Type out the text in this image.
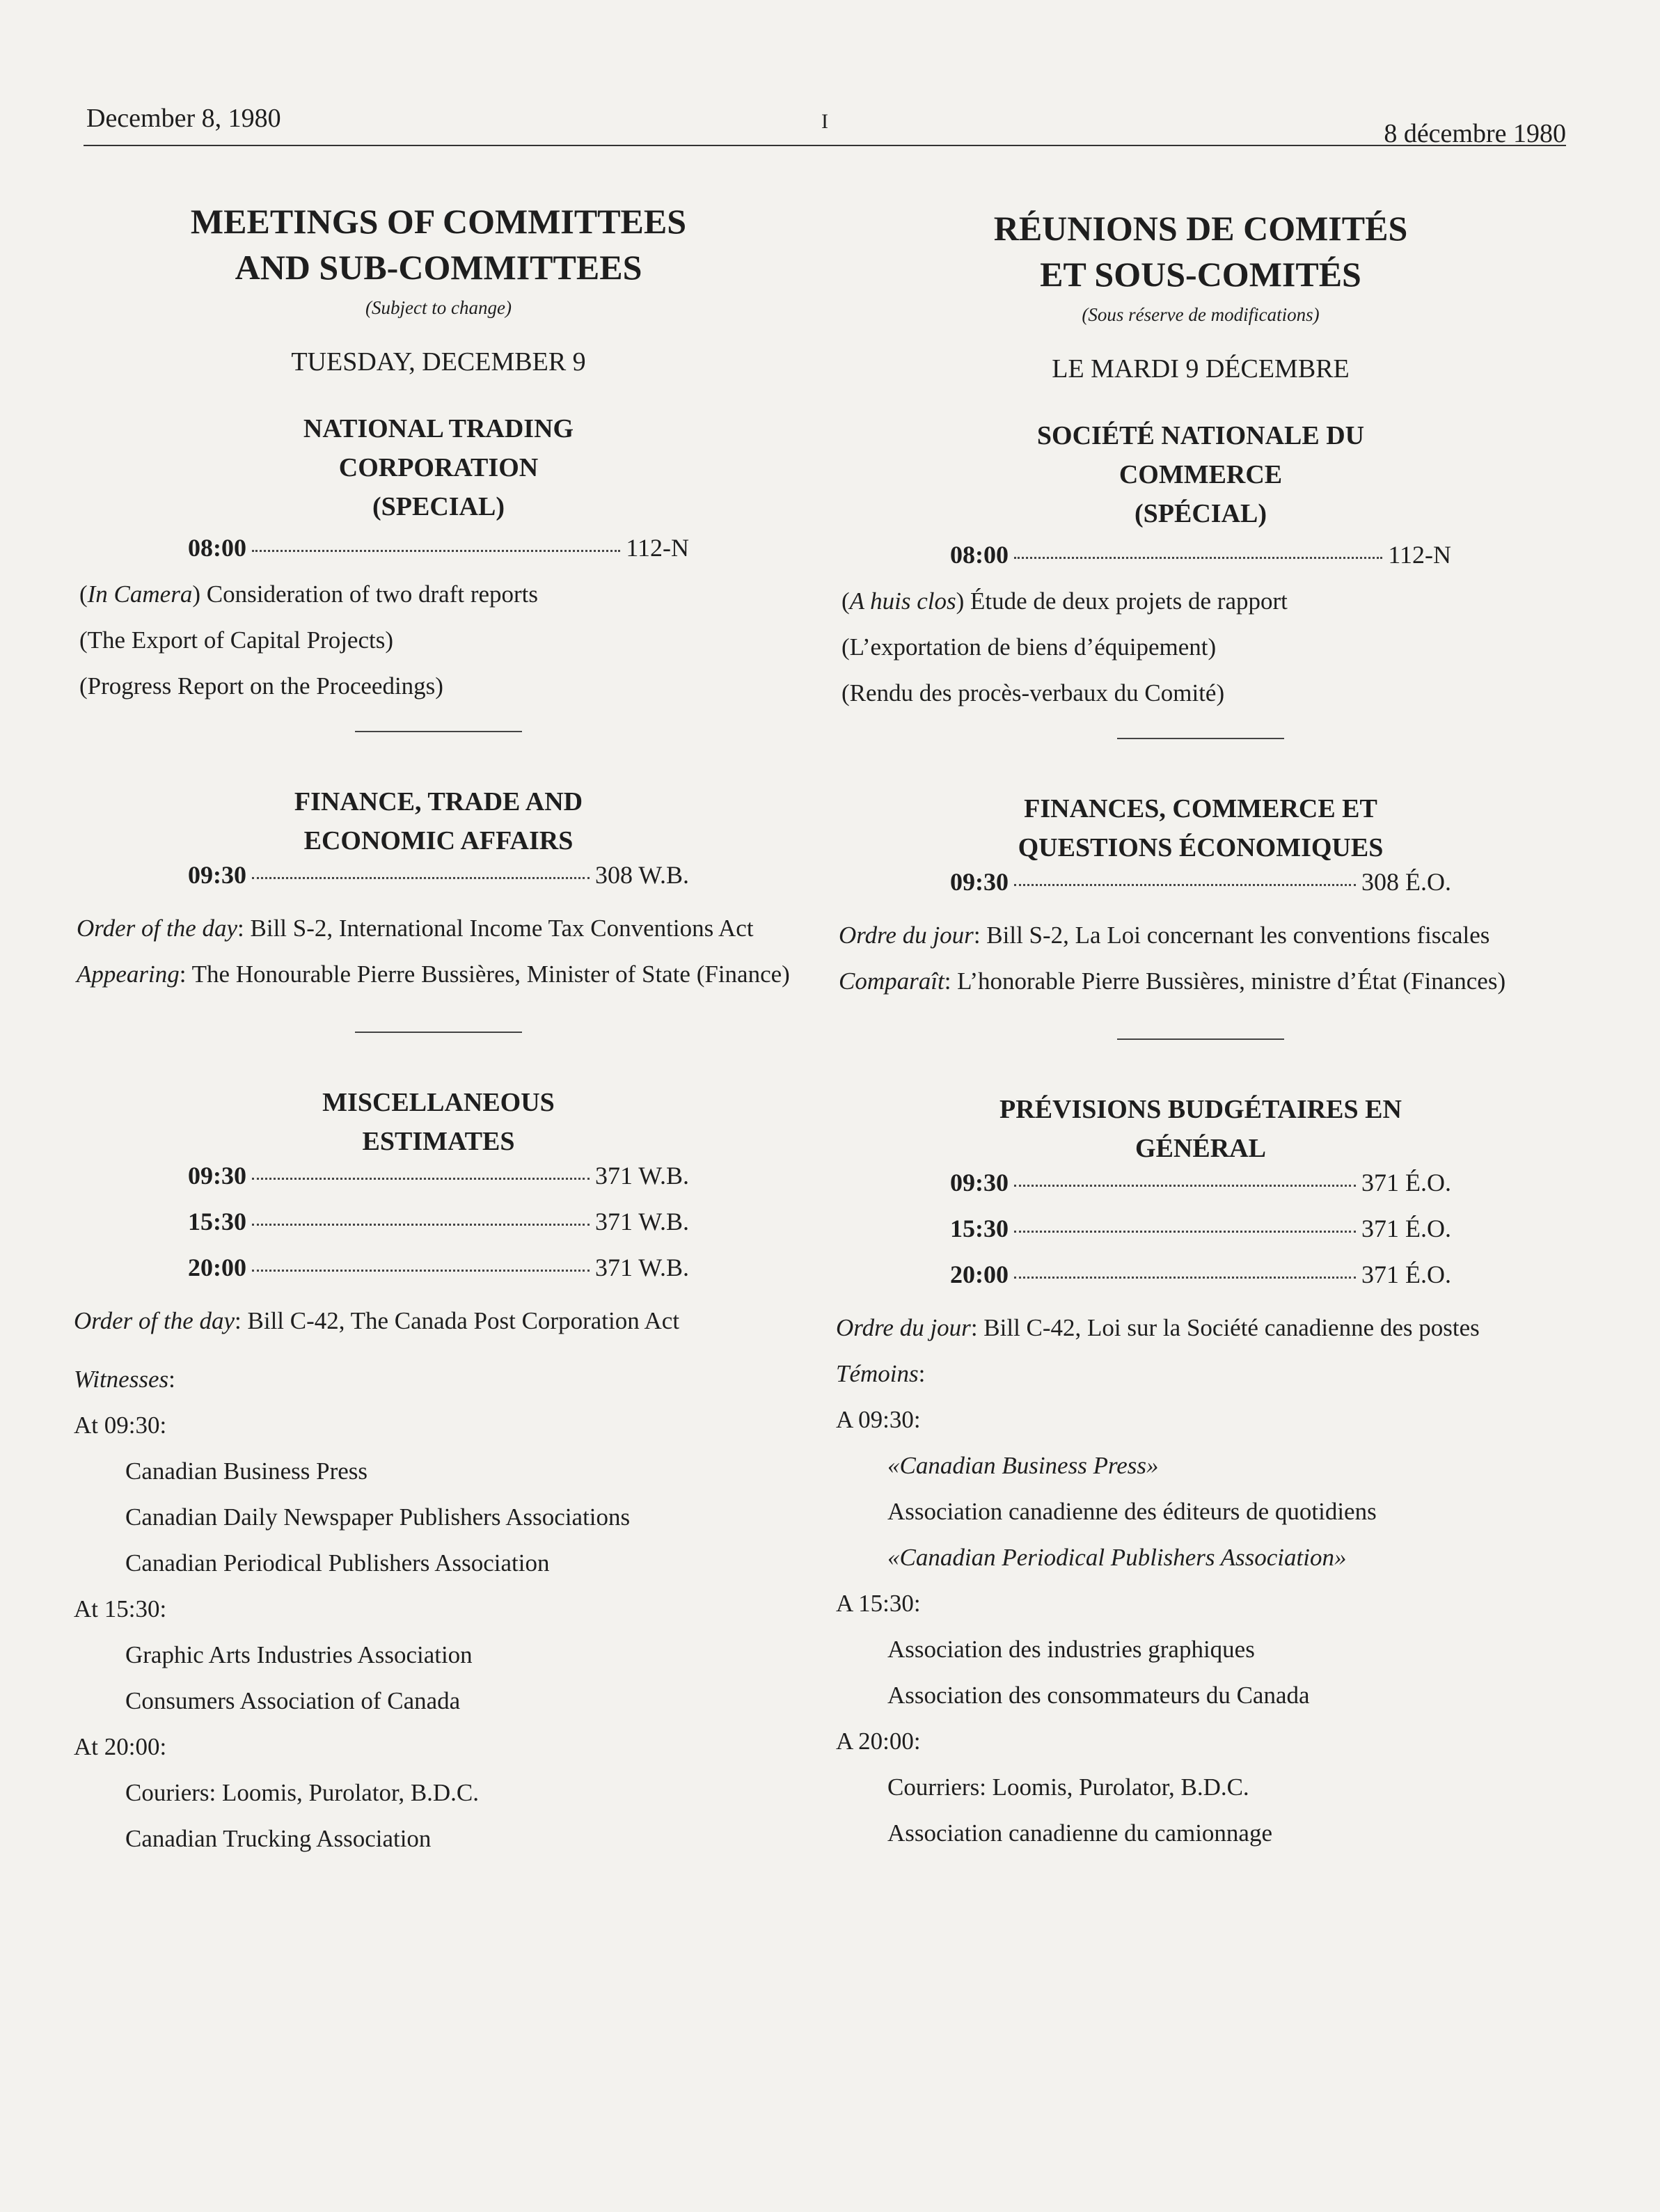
December 8, 1980	I	8 décembre 1980
MEETINGS OF COMMITTEES
AND SUB-COMMITTEES
(Subject to change)
TUESDAY, DECEMBER 9
NATIONAL TRADING
CORPORATION
(SPECIAL)
08:00	112-N
(In Camera) Consideration of two draft reports
(The Export of Capital Projects)
(Progress Report on the Proceedings)
FINANCE, TRADE AND
ECONOMIC AFFAIRS
09:30	308 W.B.
Order of the day: Bill S-2, International Income Tax Conventions Act
Appearing: The Honourable Pierre Bussières, Minister of State (Finance)
MISCELLANEOUS
ESTIMATES
09:30	371 W.B.
15:30	371 W.B.
20:00	371 W.B.
Order of the day: Bill C-42, The Canada Post Corporation Act
Witnesses:
At 09:30:
Canadian Business Press
Canadian Daily Newspaper Publishers Associations
Canadian Periodical Publishers Association
At 15:30:
Graphic Arts Industries Association
Consumers Association of Canada
At 20:00:
Couriers: Loomis, Purolator, B.D.C.
Canadian Trucking Association
RÉUNIONS DE COMITÉS
ET SOUS-COMITÉS
(Sous réserve de modifications)
LE MARDI 9 DÉCEMBRE
SOCIÉTÉ NATIONALE DU
COMMERCE
(SPÉCIAL)
08:00	112-N
(A huis clos) Étude de deux projets de rapport
(L’exportation de biens d’équipement)
(Rendu des procès-verbaux du Comité)
FINANCES, COMMERCE ET
QUESTIONS ÉCONOMIQUES
09:30	308 É.O.
Ordre du jour: Bill S-2, La Loi concernant les conventions fiscales
Comparaît: L’honorable Pierre Bussières, ministre d’État (Finances)
PRÉVISIONS BUDGÉTAIRES EN
GÉNÉRAL
09:30	371 É.O.
15:30	371 É.O.
20:00	371 É.O.
Ordre du jour: Bill C-42, Loi sur la Société canadienne des postes
Témoins:
A 09:30:
«Canadian Business Press»
Association canadienne des éditeurs de quotidiens
«Canadian Periodical Publishers Association»
A 15:30:
Association des industries graphiques
Association des consommateurs du Canada
A 20:00:
Courriers: Loomis, Purolator, B.D.C.
Association canadienne du camionnage
